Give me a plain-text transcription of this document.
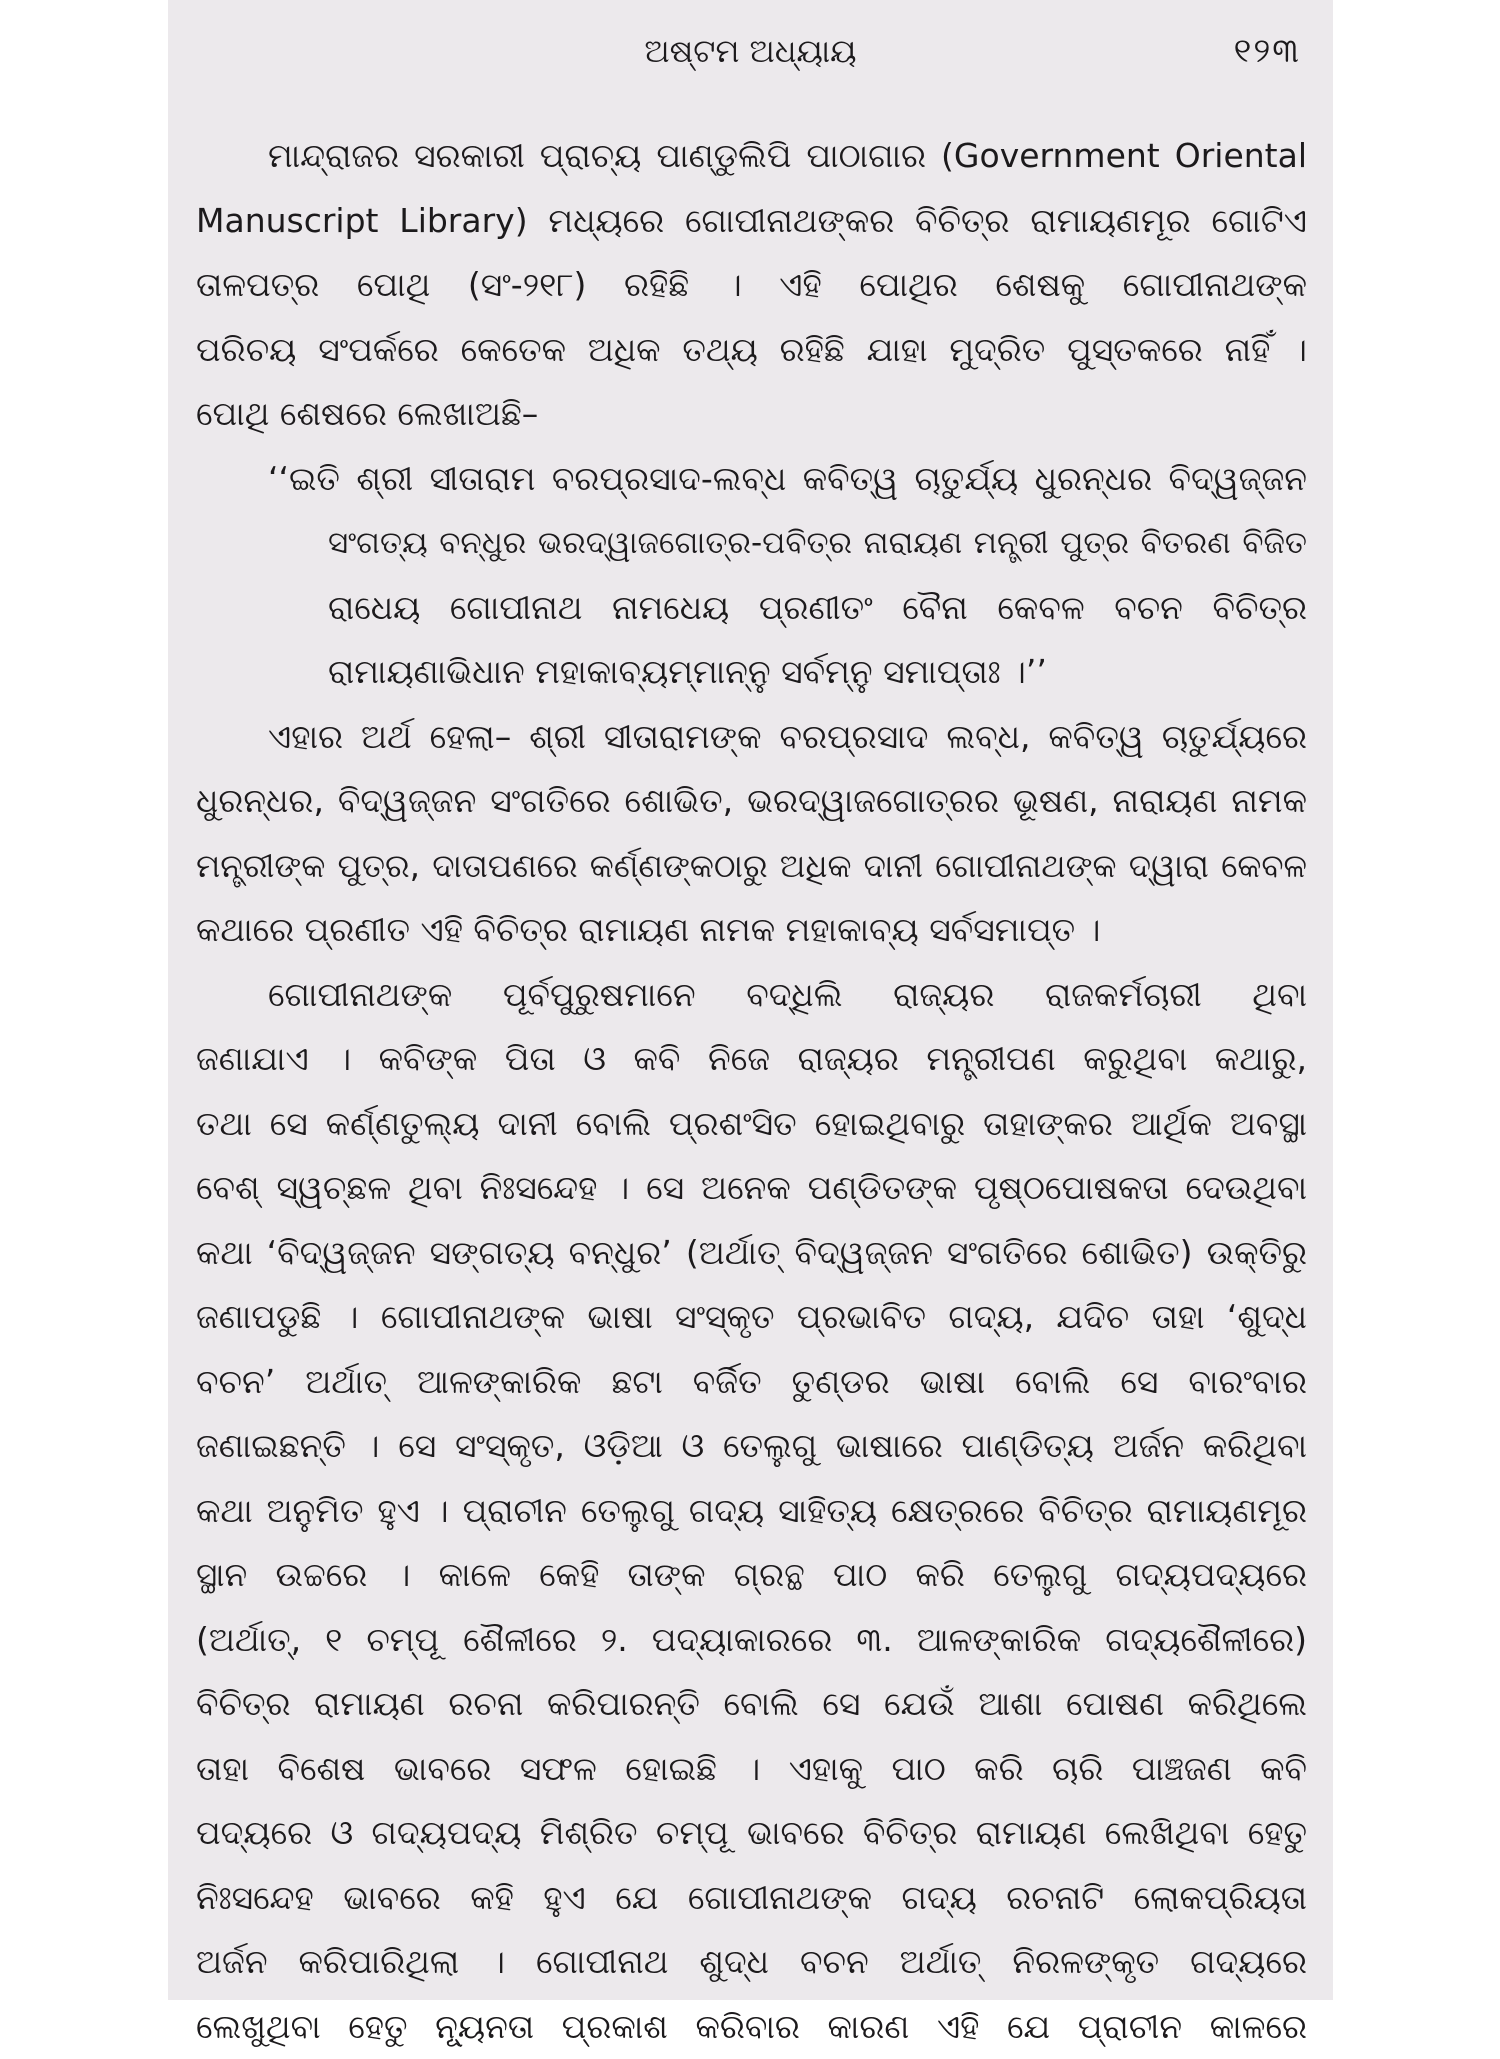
ଅଷ୍ଟମ ଅଧ୍ୟାୟ	୧୨୩
ମାନ୍ଦ୍ରାଜର ସରକାରୀ ପ୍ରାଚ୍ୟ ପାଣ୍ଡୁଲିପି ପାଠାଗାର (Government Oriental
Manuscript Library) ମଧ୍ୟରେ ଗୋପୀନାଥଙ୍କର ବିଚିତ୍ର ରାମାୟଣମୂର ଗୋଟିଏ
ତାଳପତ୍ର ପୋଥି (ସଂ-୨୧୮) ରହିଛି । ଏହି ପୋଥିର ଶେଷକୁ ଗୋପୀନାଥଙ୍କ
ପରିଚୟ ସଂପର୍କରେ କେତେକ ଅଧିକ ତଥ୍ୟ ରହିଛି ଯାହା ମୁଦ୍ରିତ ପୁସ୍ତକରେ ନାହିଁ ।
ପୋଥି ଶେଷରେ ଲେଖାଅଛି–
‘‘ଇତି ଶ୍ରୀ ସୀତାରାମ ବରପ୍ରସାଦ-ଲବ୍ଧ କବିତ୍ୱ ଚାତୁର୍ଯ୍ୟ ଧୁରନ୍ଧର ବିଦ୍ୱଜ୍ଜନ
ସଂଗତ୍ୟ ବନ୍ଧୁର ଭରଦ୍ୱାଜଗୋତ୍ର-ପବିତ୍ର ନାରାୟଣ ମନ୍ତ୍ରୀ ପୁତ୍ର ବିତରଣ ବିଜିତ
ରାଧେୟ ଗୋପୀନାଥ ନାମଧେୟ ପ୍ରଣୀତଂ ବୈନା କେବଳ ବଚନ ବିଚିତ୍ର
ରାମାୟଣାଭିଧାନ ମହାକାବ୍ୟମ୍ମାନ୍ନୁ ସର୍ବମ୍ନୁ ସମାପ୍ତାଃ ।’’
ଏହାର ଅର୍ଥ ହେଲା– ଶ୍ରୀ ସୀତାରାମଙ୍କ ବରପ୍ରସାଦ ଲବ୍ଧ, କବିତ୍ୱ ଚାତୁର୍ଯ୍ୟରେ
ଧୁରନ୍ଧର, ବିଦ୍ୱଜ୍ଜନ ସଂଗତିରେ ଶୋଭିତ, ଭରଦ୍ୱାଜଗୋତ୍ରର ଭୂଷଣ, ନାରାୟଣ ନାମକ
ମନ୍ତ୍ରୀଙ୍କ ପୁତ୍ର, ଦାତାପଣରେ କର୍ଣ୍ଣଙ୍କଠାରୁ ଅଧିକ ଦାନୀ ଗୋପୀନାଥଙ୍କ ଦ୍ୱାରା କେବଳ
କଥାରେ ପ୍ରଣୀତ ଏହି ବିଚିତ୍ର ରାମାୟଣ ନାମକ ମହାକାବ୍ୟ ସର୍ବସମାପ୍ତ ।
ଗୋପୀନାଥଙ୍କ ପୂର୍ବପୁରୁଷମାନେ ବଦ୍ଧିଲି ରାଜ୍ୟର ରାଜକର୍ମଚାରୀ ଥିବା
ଜଣାଯାଏ । କବିଙ୍କ ପିତା ଓ କବି ନିଜେ ରାଜ୍ୟର ମନ୍ତ୍ରୀପଣ କରୁଥିବା କଥାରୁ,
ତଥା ସେ କର୍ଣ୍ଣତୁଲ୍ୟ ଦାନୀ ବୋଲି ପ୍ରଶଂସିତ ହୋଇଥିବାରୁ ତାହାଙ୍କର ଆର୍ଥିକ ଅବସ୍ଥା
ବେଶ୍ ସ୍ୱଚ୍ଛଳ ଥିବା ନିଃସନ୍ଦେହ । ସେ ଅନେକ ପଣ୍ଡିତଙ୍କ ପୃଷ୍ଠପୋଷକତା ଦେଉଥିବା
କଥା ‘ବିଦ୍ୱଜ୍ଜନ ସଙ୍ଗତ୍ୟ ବନ୍ଧୁର’ (ଅର୍ଥାତ୍ ବିଦ୍ୱଜ୍ଜନ ସଂଗତିରେ ଶୋଭିତ) ଉକ୍ତିରୁ
ଜଣାପଡୁଛି । ଗୋପୀନାଥଙ୍କ ଭାଷା ସଂସ୍କୃତ ପ୍ରଭାବିତ ଗଦ୍ୟ, ଯଦିଚ ତାହା ‘ଶୁଦ୍ଧ
ବଚନ’ ଅର୍ଥାତ୍ ଆଳଙ୍କାରିକ ଛଟା ବର୍ଜିତ ତୁଣ୍ଡର ଭାଷା ବୋଲି ସେ ବାରଂବାର
ଜଣାଇଛନ୍ତି । ସେ ସଂସ୍କୃତ, ଓଡ଼ିଆ ଓ ତେଲୁଗୁ ଭାଷାରେ ପାଣ୍ଡିତ୍ୟ ଅର୍ଜନ କରିଥିବା
କଥା ଅନୁମିତ ହୁଏ । ପ୍ରାଚୀନ ତେଲୁଗୁ ଗଦ୍ୟ ସାହିତ୍ୟ କ୍ଷେତ୍ରରେ ବିଚିତ୍ର ରାମାୟଣମୂର
ସ୍ଥାନ ଉଚ୍ଚରେ । କାଳେ କେହି ତାଙ୍କ ଗ୍ରନ୍ଥ ପାଠ କରି ତେଲୁଗୁ ଗଦ୍ୟପଦ୍ୟରେ
(ଅର୍ଥାତ୍, ୧ ଚମ୍ପୂ ଶୈଳୀରେ ୨. ପଦ୍ୟାକାରରେ ୩. ଆଳଙ୍କାରିକ ଗଦ୍ୟଶୈଳୀରେ)
ବିଚିତ୍ର ରାମାୟଣ ରଚନା କରିପାରନ୍ତି ବୋଲି ସେ ଯେଉଁ ଆଶା ପୋଷଣ କରିଥିଲେ
ତାହା ବିଶେଷ ଭାବରେ ସଫଳ ହୋଇଛି । ଏହାକୁ ପାଠ କରି ଚାରି ପାଞ୍ଚଜଣ କବି
ପଦ୍ୟରେ ଓ ଗଦ୍ୟପଦ୍ୟ ମିଶ୍ରିତ ଚମ୍ପୂ ଭାବରେ ବିଚିତ୍ର ରାମାୟଣ ଲେଖିଥିବା ହେତୁ
ନିଃସନ୍ଦେହ ଭାବରେ କହି ହୁଏ ଯେ ଗୋପୀନାଥଙ୍କ ଗଦ୍ୟ ରଚନାଟି ଲୋକପ୍ରିୟତା
ଅର୍ଜନ କରିପାରିଥିଲା । ଗୋପୀନାଥ ଶୁଦ୍ଧ ବଚନ ଅର୍ଥାତ୍ ନିରଳଙ୍କୃତ ଗଦ୍ୟରେ
ଲେଖୁଥିବା ହେତୁ ନ୍ୟୂନତା ପ୍ରକାଶ କରିବାର କାରଣ ଏହି ଯେ ପ୍ରାଚୀନ କାଳରେ
